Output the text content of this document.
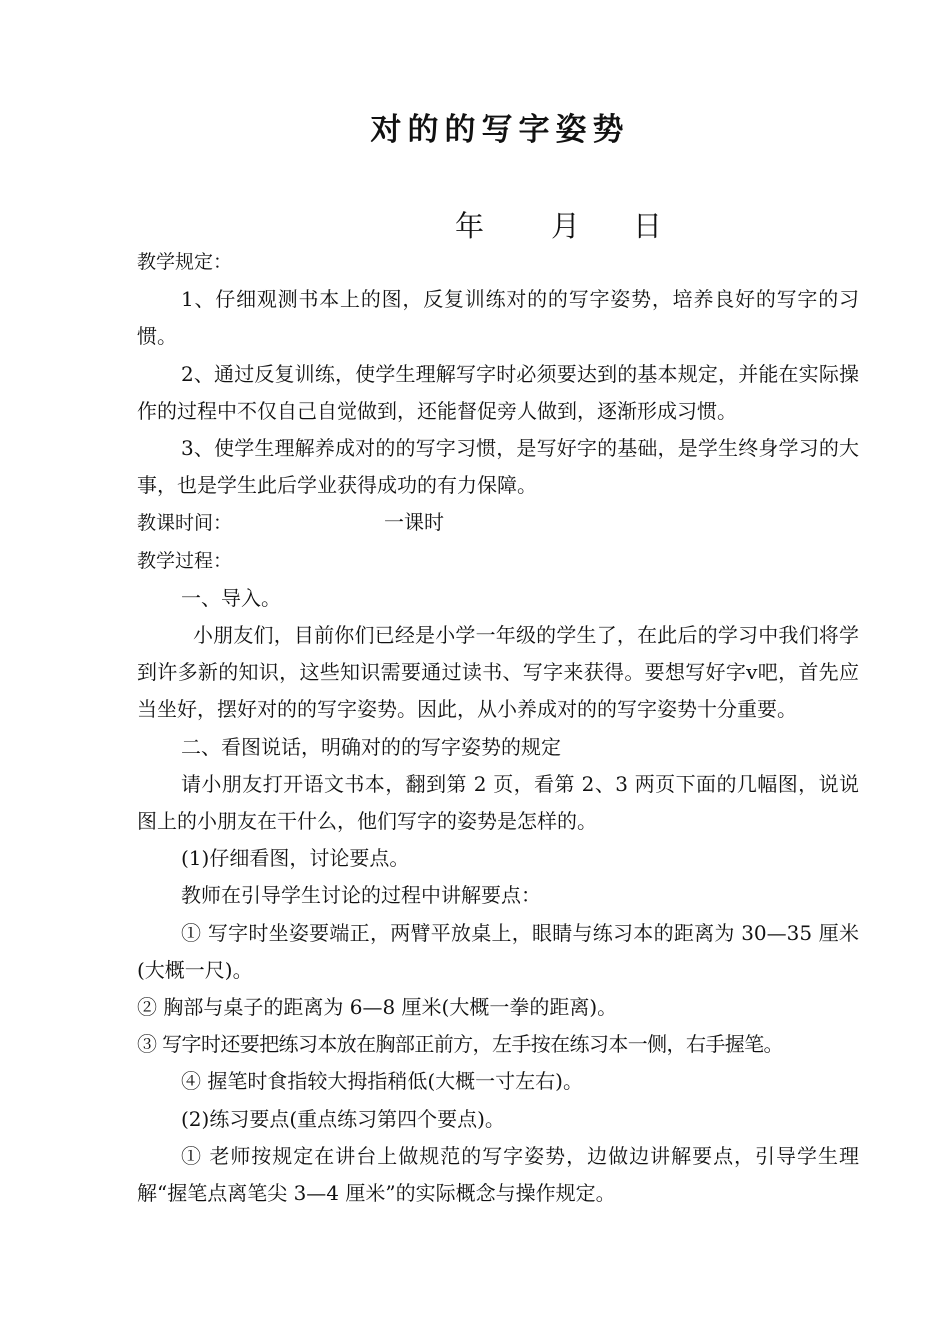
对的的写字姿势
年 月 日

教学规定：

1、仔细观测书本上的图，反复训练对的的写字姿势，培养良好的写字的习惯。

2、通过反复训练，使学生理解写字时必须要达到的基本规定，并能在实际操作的过程中不仅自己自觉做到，还能督促旁人做到，逐渐形成习惯。

3、使学生理解养成对的的写字习惯，是写好字的基础，是学生终身学习的大事，也是学生此后学业获得成功的有力保障。

教课时间：	一课时

教学过程：

一、导入。

小朋友们，目前你们已经是小学一年级的学生了，在此后的学习中我们将学到许多新的知识，这些知识需要通过读书、写字来获得。要想写好字ⅴ吧，首先应当坐好，摆好对的的写字姿势。因此，从小养成对的的写字姿势十分重要。

二、看图说话，明确对的的写字姿势的规定

请小朋友打开语文书本，翻到第 2 页，看第 2、3 两页下面的几幅图，说说图上的小朋友在干什么，他们写字的姿势是怎样的。

(1)仔细看图，讨论要点。

教师在引导学生讨论的过程中讲解要点：

① 写字时坐姿要端正，两臂平放桌上，眼睛与练习本的距离为 30—35 厘米(大概一尺)。

② 胸部与桌子的距离为 6—8 厘米(大概一拳的距离)。

③ 写字时还要把练习本放在胸部正前方，左手按在练习本一侧，右手握笔。

④ 握笔时食指较大拇指稍低(大概一寸左右)。

(2)练习要点(重点练习第四个要点)。

① 老师按规定在讲台上做规范的写字姿势，边做边讲解要点，引导学生理解“握笔点离笔尖 3—4 厘米”的实际概念与操作规定。
